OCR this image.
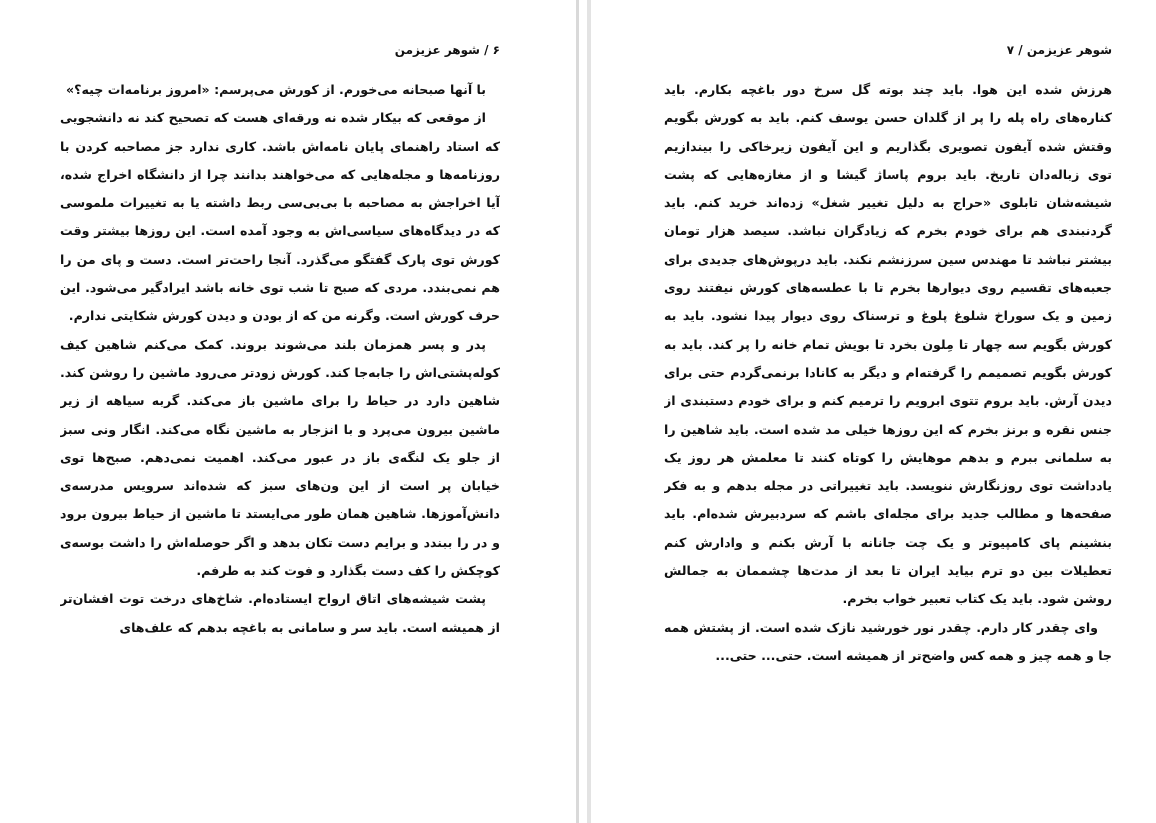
۶ / شوهر عزیزمن

با آنها صبحانه می‌خورم. از کورش می‌پرسم: «امروز برنامه‌ات چیه؟»

از موقعی که بیکار شده نه ورقه‌ای هست که تصحیح کند نه دانشجویی که استاد راهنمای پایان نامه‌اش باشد. کاری ندارد جز مصاحبه کردن با روزنامه‌ها و مجله‌هایی که می‌خواهند بدانند چرا از دانشگاه اخراج شده، آیا اخراجش به مصاحبه با بی‌بی‌سی ربط داشته یا به تغییرات ملموسی که در دیدگاه‌های سیاسی‌اش به وجود آمده است. این روزها بیشتر وقت کورش توی پارک گفتگو می‌گذرد. آنجا راحت‌تر است. دست و پای من را هم نمی‌بندد. مردی که صبح تا شب توی خانه باشد ایرادگیر می‌شود. این حرف کورش است. وگرنه من که از بودن و دیدن کورش شکایتی ندارم.

پدر و پسر همزمان بلند می‌شوند بروند. کمک می‌کنم شاهین کیف کوله‌پشتی‌اش را جابه‌جا کند. کورش زودتر می‌رود ماشین را روشن کند. شاهین دارد در حیاط را برای ماشین باز می‌کند. گربه سیاهه از زیر ماشین بیرون می‌پرد و با انزجار به ماشین نگاه می‌کند. انگار ونی سبز از جلو یک لنگه‌ی باز در عبور می‌کند. اهمیت نمی‌دهم. صبح‌ها توی خیابان پر است از این ون‌های سبز که شده‌اند سرویس مدرسه‌ی دانش‌آموزها. شاهین همان طور می‌ایستد تا ماشین از حیاط بیرون برود و در را ببندد و برایم دست تکان بدهد و اگر حوصله‌اش را داشت بوسه‌ی کوچکش را کف دست بگذارد و فوت کند به طرفم.

پشت شیشه‌های اتاق ارواح ایستاده‌ام. شاخ‌های درخت توت افشان‌تر از همیشه است. باید سر و سامانی به باغچه بدهم که علف‌های

شوهر عزیزمن / ۷

هرزش شده این هوا. باید چند بوته گل سرخ دور باغچه بکارم. باید کناره‌های راه پله را پر از گلدان حسن یوسف کنم. باید به کورش بگویم وقتش شده آیفون تصویری بگذاریم و این آیفون زیرخاکی را بیندازیم توی زباله‌دان تاریخ. باید بروم پاساژ گیشا و از مغازه‌هایی که پشت شیشه‌شان تابلوی «حراج به دلیل تغییر شغل» زده‌اند خرید کنم. باید گردنبندی هم برای خودم بخرم که زیادگران نباشد. سیصد هزار تومان بیشتر نباشد تا مهندس سین سرزنشم نکند. باید درپوش‌های جدیدی برای جعبه‌های تقسیم روی دیوارها بخرم تا با عطسه‌های کورش نیفتند روی زمین و یک سوراخ شلوغ پلوغ و ترسناک روی دیوار پیدا نشود. باید به کورش بگویم سه چهار تا مِلون بخرد تا بویش تمام خانه را پر کند. باید به کورش بگویم تصمیمم را گرفته‌ام و دیگر به کانادا برنمی‌گردم حتی برای دیدن آرش. باید بروم تتوی ابرویم را ترمیم کنم و برای خودم دستبندی از جنس نقره و برنز بخرم که این روزها خیلی مد شده است. باید شاهین را به سلمانی ببرم و بدهم موهایش را کوتاه کنند تا معلمش هر روز یک یادداشت توی روزنگارش ننویسد. باید تغییراتی در مجله بدهم و به فکر صفحه‌ها و مطالب جدید برای مجله‌ای باشم که سردبیرش شده‌ام. باید بنشینم پای کامپیوتر و یک چت جانانه با آرش بکنم و وادارش کنم تعطیلات بین دو ترم بیاید ایران تا بعد از مدت‌ها چشممان به جمالش روشن شود. باید یک کتاب تعبیر خواب بخرم.

وای چقدر کار دارم. چقدر نور خورشید نازک شده است. از پشتش همه جا و همه چیز و همه کس واضح‌تر از همیشه است. حتی... حتی...
